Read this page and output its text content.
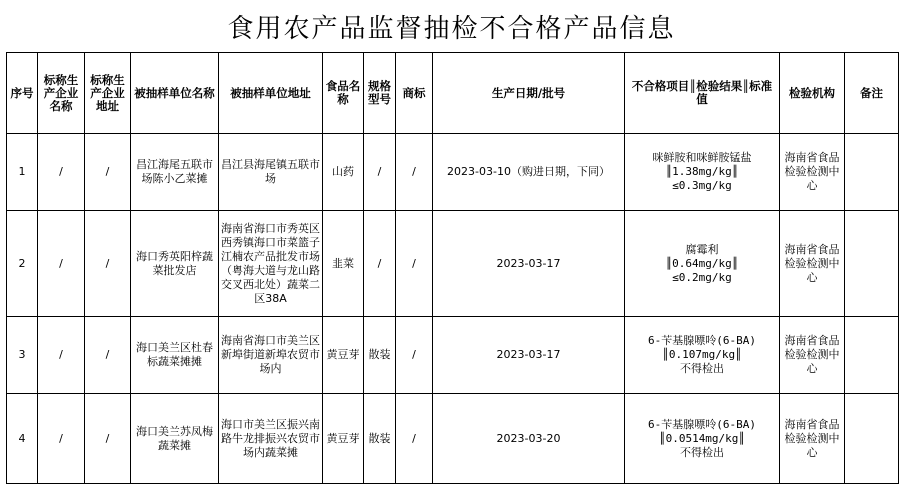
食用农产品监督抽检不合格产品信息
序号	标称生产企业名称	标称生产企业地址	被抽样单位名称	被抽样单位地址	食品名称	规格型号	商标	生产日期/批号	不合格项目║检验结果║标准值	检验机构	备注
1	/	/	昌江海尾五联市场陈小乙菜摊	昌江县海尾镇五联市场	山药	/	/	2023-03-10（购进日期，下同）	咪鲜胺和咪鲜胺锰盐
║1.38mg/kg║
≤0.3mg/kg	海南省食品检验检测中心	
2	/	/	海口秀英阳梓蔬菜批发店	海南省海口市秀英区西秀镇海口市菜篮子江楠农产品批发市场（粤海大道与龙山路交叉西北处）蔬菜二区38A	韭菜	/	/	2023-03-17	腐霉利
║0.64mg/kg║
≤0.2mg/kg	海南省食品检验检测中心	
3	/	/	海口美兰区杜春标蔬菜摊摊	海南省海口市美兰区新埠街道新埠农贸市场内	黄豆芽	散装	/	2023-03-17	6-苄基腺嘌呤(6-BA)
║0.107mg/kg║
不得检出	海南省食品检验检测中心	
4	/	/	海口美兰苏凤梅蔬菜摊	海口市美兰区振兴南路牛龙排振兴农贸市场内蔬菜摊	黄豆芽	散装	/	2023-03-20	6-苄基腺嘌呤(6-BA)
║0.0514mg/kg║
不得检出	海南省食品检验检测中心	
